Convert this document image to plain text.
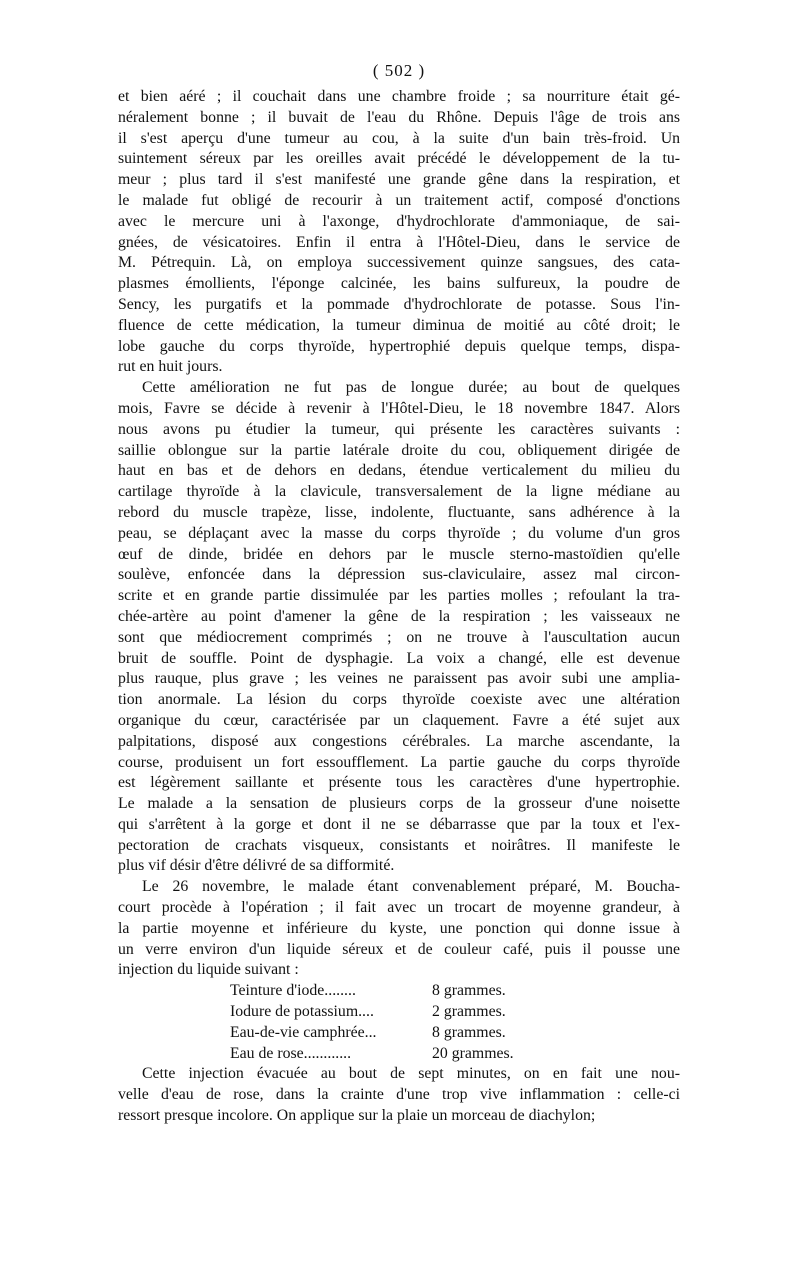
( 502 )
et bien aéré ; il couchait dans une chambre froide ; sa nourriture était gé-
néralement bonne ; il buvait de l'eau du Rhône. Depuis l'âge de trois ans
il s'est aperçu d'une tumeur au cou, à la suite d'un bain très-froid. Un
suintement séreux par les oreilles avait précédé le développement de la tu-
meur ; plus tard il s'est manifesté une grande gêne dans la respiration, et
le malade fut obligé de recourir à un traitement actif, composé d'onctions
avec le mercure uni à l'axonge, d'hydrochlorate d'ammoniaque, de sai-
gnées, de vésicatoires. Enfin il entra à l'Hôtel-Dieu, dans le service de
M. Pétrequin. Là, on employa successivement quinze sangsues, des cata-
plasmes émollients, l'éponge calcinée, les bains sulfureux, la poudre de
Sency, les purgatifs et la pommade d'hydrochlorate de potasse. Sous l'in-
fluence de cette médication, la tumeur diminua de moitié au côté droit; le
lobe gauche du corps thyroïde, hypertrophié depuis quelque temps, dispa-
rut en huit jours.
Cette amélioration ne fut pas de longue durée; au bout de quelques
mois, Favre se décide à revenir à l'Hôtel-Dieu, le 18 novembre 1847. Alors
nous avons pu étudier la tumeur, qui présente les caractères suivants :
saillie oblongue sur la partie latérale droite du cou, obliquement dirigée de
haut en bas et de dehors en dedans, étendue verticalement du milieu du
cartilage thyroïde à la clavicule, transversalement de la ligne médiane au
rebord du muscle trapèze, lisse, indolente, fluctuante, sans adhérence à la
peau, se déplaçant avec la masse du corps thyroïde ; du volume d'un gros
œuf de dinde, bridée en dehors par le muscle sterno-mastoïdien qu'elle
soulève, enfoncée dans la dépression sus-claviculaire, assez mal circon-
scrite et en grande partie dissimulée par les parties molles ; refoulant la tra-
chée-artère au point d'amener la gêne de la respiration ; les vaisseaux ne
sont que médiocrement comprimés ; on ne trouve à l'auscultation aucun
bruit de souffle. Point de dysphagie. La voix a changé, elle est devenue
plus rauque, plus grave ; les veines ne paraissent pas avoir subi une amplia-
tion anormale. La lésion du corps thyroïde coexiste avec une altération
organique du cœur, caractérisée par un claquement. Favre a été sujet aux
palpitations, disposé aux congestions cérébrales. La marche ascendante, la
course, produisent un fort essoufflement. La partie gauche du corps thyroïde
est légèrement saillante et présente tous les caractères d'une hypertrophie.
Le malade a la sensation de plusieurs corps de la grosseur d'une noisette
qui s'arrêtent à la gorge et dont il ne se débarrasse que par la toux et l'ex-
pectoration de crachats visqueux, consistants et noirâtres. Il manifeste le
plus vif désir d'être délivré de sa difformité.
Le 26 novembre, le malade étant convenablement préparé, M. Boucha-
court procède à l'opération ; il fait avec un trocart de moyenne grandeur, à
la partie moyenne et inférieure du kyste, une ponction qui donne issue à
un verre environ d'un liquide séreux et de couleur café, puis il pousse une
injection du liquide suivant :
Teinture d'iode........	8 grammes.
Iodure de potassium....	2 grammes.
Eau-de-vie camphrée...	8 grammes.
Eau de rose............	20 grammes.
Cette injection évacuée au bout de sept minutes, on en fait une nou-
velle d'eau de rose, dans la crainte d'une trop vive inflammation : celle-ci
ressort presque incolore. On applique sur la plaie un morceau de diachylon;
